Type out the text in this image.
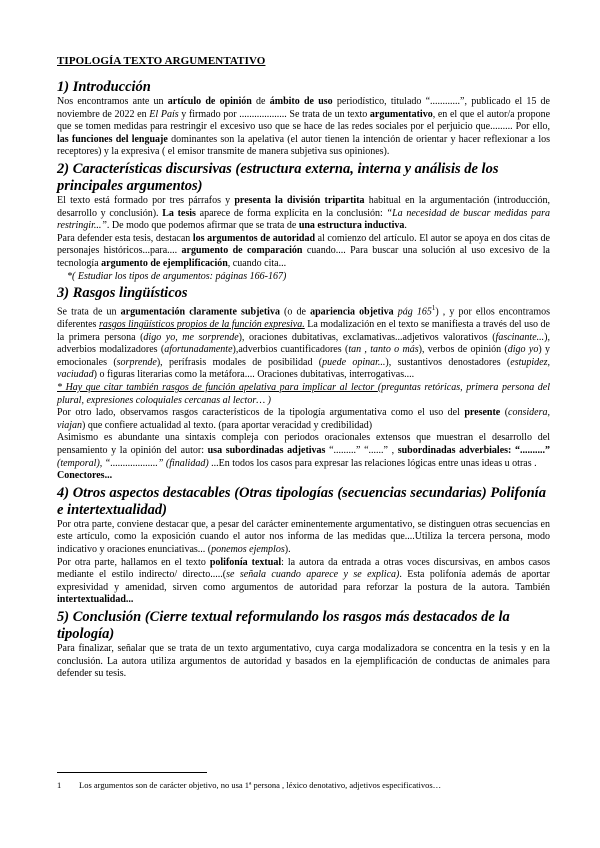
TIPOLOGÍA TEXTO ARGUMENTATIVO
1) Introducción

Nos encontramos ante un artículo de opinión de ámbito de uso periodístico, titulado “............”, publicado el 15 de noviembre de 2022 en El País y firmado por ................... Se trata de un texto argumentativo, en el que el autor/a propone que se tomen medidas para restringir el excesivo uso que se hace de las redes sociales por el perjuicio que......... Por ello, las funciones del lenguaje dominantes son la apelativa (el autor tienen la intención de orientar y hacer reflexionar a los receptores) y la expresiva ( el emisor transmite de manera subjetiva sus opiniones).

2) Características discursivas (estructura externa, interna y análisis de los principales argumentos)

El texto está formado por tres párrafos y presenta la división tripartita habitual en la argumentación (introducción, desarrollo y conclusión). La tesis aparece de forma explícita en la conclusión: “La necesidad de buscar medidas para restringir...”. De modo que podemos afirmar que se trata de una estructura inductiva.

Para defender esta tesis, destacan los argumentos de autoridad al comienzo del artículo. El autor se apoya en dos citas de personajes históricos...para.... argumento de comparación cuando.... Para buscar una solución al uso excesivo de la tecnología argumento de ejemplificación, cuando cita...

*( Estudiar los tipos de argumentos: páginas 166-167)

3) Rasgos lingüísticos

Se trata de un argumentación claramente subjetiva (o de apariencia objetiva pág $165^1$) , y por ellos encontramos diferentes rasgos lingüísticos propios de la función expresiva. La modalización en el texto se manifiesta a través del uso de la primera persona (digo yo, me sorprende), oraciones dubitativas, exclamativas...adjetivos valorativos (fascinante...), adverbios modalizadores (afortunadamente),adverbios cuantificadores (tan , tanto o más), verbos de opinión (digo yo) y emocionales (sorprende), perífrasis modales de posibilidad (puede opinar...), sustantivos denostadores (estupidez, vaciudad) o figuras literarias como la metáfora.... Oraciones dubitativas, interrogativas....

* Hay que citar también rasgos de función apelativa para implicar al lector (preguntas retóricas, primera persona del plural, expresiones coloquiales cercanas al lector… )

Por otro lado, observamos rasgos característicos de la tipología argumentativa como el uso del presente (considera, viajan) que confiere actualidad al texto. (para aportar veracidad y credibilidad)

Asimismo es abundante una sintaxis compleja con periodos oracionales extensos que muestran el desarrollo del pensamiento y la opinión del autor: usa subordinadas adjetivas “.........” “......” , subordinadas adverbiales: “..........” (temporal), “...................” (finalidad) ...En todos los casos para expresar las relaciones lógicas entre unas ideas u otras .

Conectores...

4) Otros aspectos destacables (Otras tipologías (secuencias secundarias) Polifonía e intertextualidad)

Por otra parte, conviene destacar que, a pesar del carácter eminentemente argumentativo, se distinguen otras secuencias en este artículo, como la exposición cuando el autor nos informa de las medidas que....Utiliza la tercera persona, modo indicativo y oraciones enunciativas... (ponemos ejemplos).

Por otra parte, hallamos en el texto polifonía textual: la autora da entrada a otras voces discursivas, en ambos casos mediante el estilo indirecto/ directo.....(se señala cuando aparece y se explica). Esta polifonía además de aportar expresividad y amenidad, sirven como argumentos de autoridad para reforzar la postura de la autora. También intertextualidad...

5) Conclusión (Cierre textual reformulando los rasgos más destacados de la tipología)

Para finalizar, señalar que se trata de un texto argumentativo, cuya carga modalizadora se concentra en la tesis y en la conclusión. La autora utiliza argumentos de autoridad y basados en la ejemplificación de conductas de animales para defender su tesis.

1 Los argumentos son de carácter objetivo, no usa 1ª persona , léxico denotativo, adjetivos especificativos…
